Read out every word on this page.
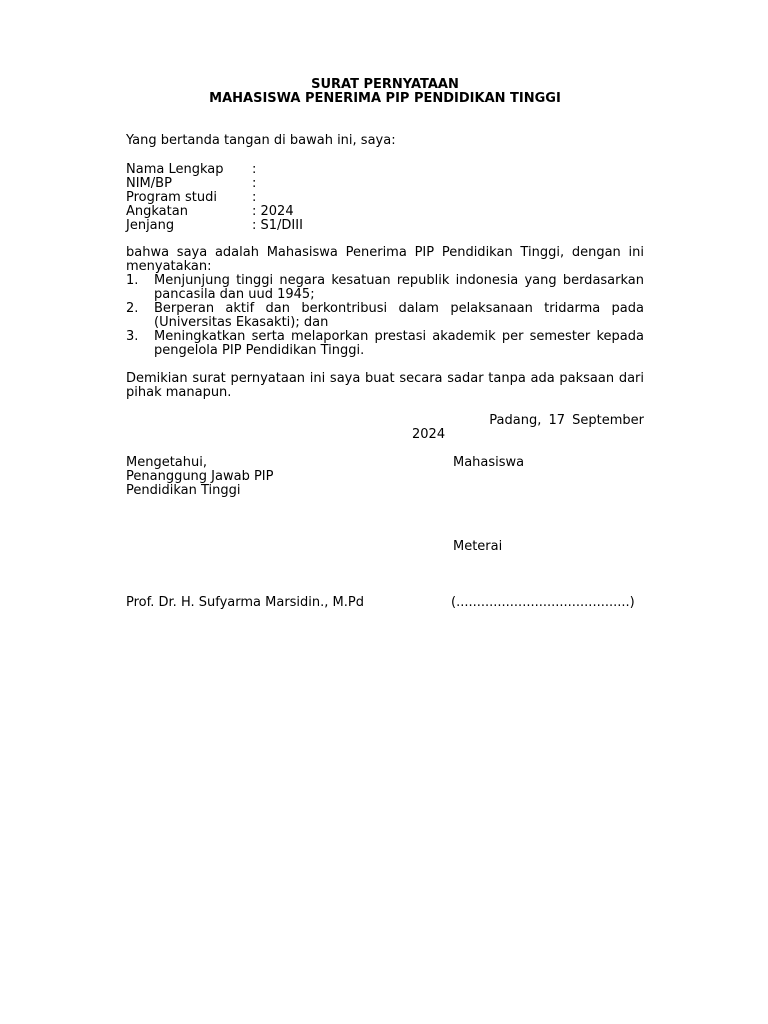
SURAT PERNYATAAN
MAHASISWA PENERIMA PIP PENDIDIKAN TINGGI
Yang bertanda tangan di bawah ini, saya:
Nama Lengkap :
NIM/BP	:
Program studi	:
Angkatan	: 2024
Jenjang	: S1/DIII
bahwa saya adalah Mahasiswa Penerima PIP Pendidikan Tinggi, dengan ini menyatakan:
1. Menjunjung tinggi negara kesatuan republik indonesia yang berdasarkan pancasila dan uud 1945;
2. Berperan aktif dan berkontribusi dalam pelaksanaan tridarma pada (Universitas Ekasakti); dan
3. Meningkatkan serta melaporkan prestasi akademik per semester kepada pengelola PIP Pendidikan Tinggi.
Demikian surat pernyataan ini saya buat secara sadar tanpa ada paksaan dari pihak manapun.
Padang, 17 September
2024
Mengetahui,
Penanggung Jawab PIP
Pendidikan Tinggi
Mahasiswa
Meterai
Prof. Dr. H. Sufyarma Marsidin., M.Pd	(..........................................)
